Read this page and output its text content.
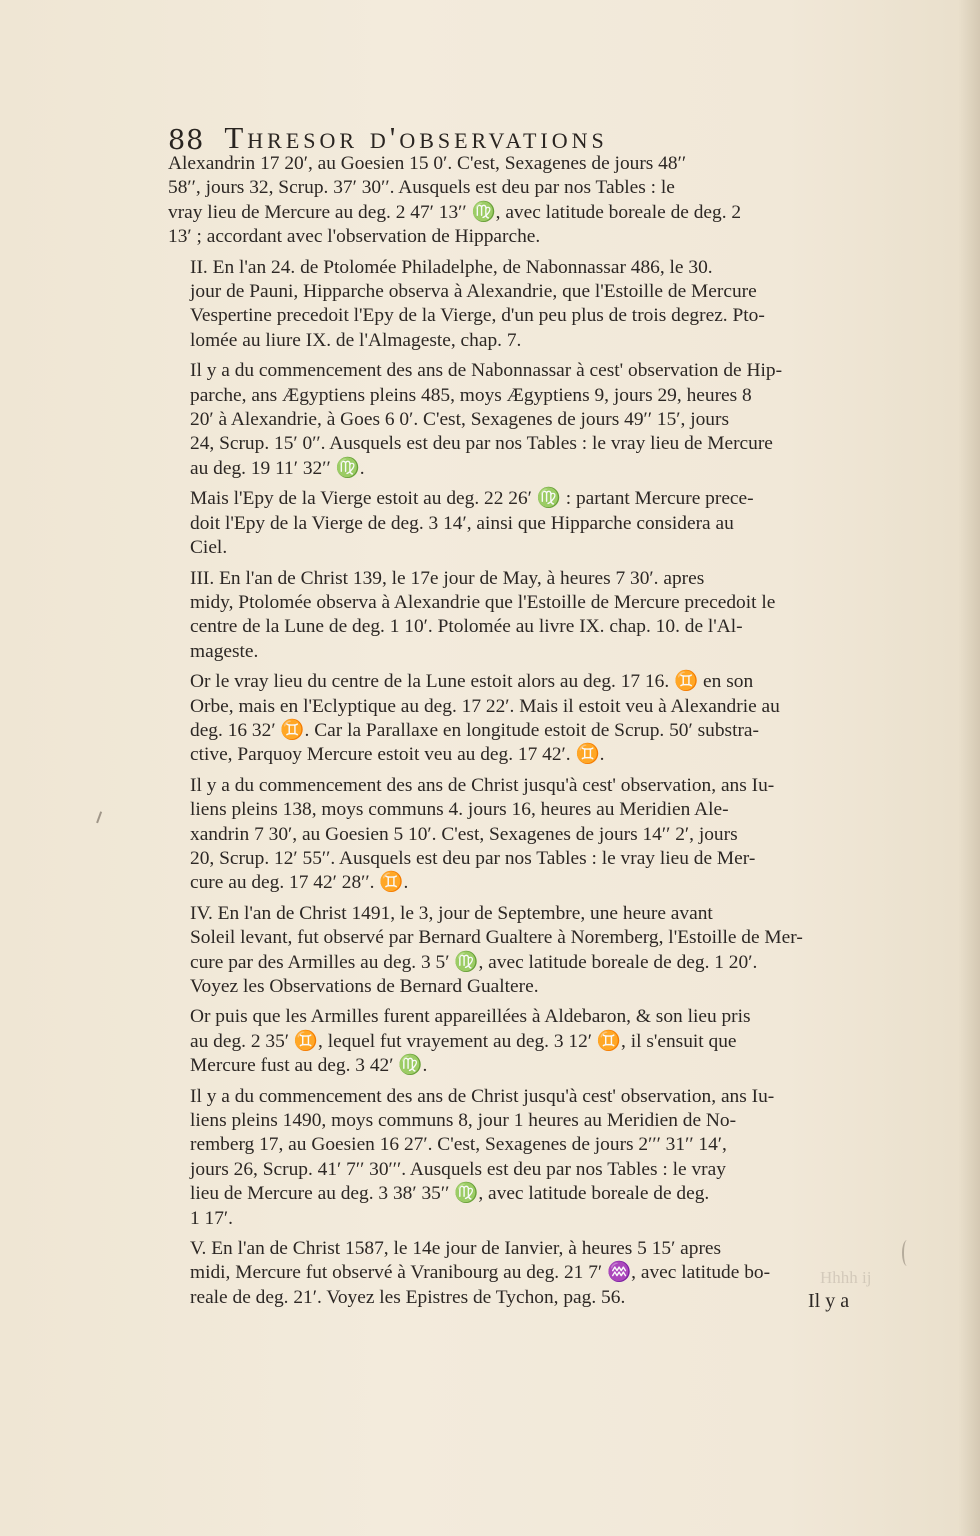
88 Thresor d'observations
Alexandrin 17 20′, au Goesien 15 0′. C'est, Sexagenes de jours 48′′
58′′, jours 32, Scrup. 37′ 30′′. Ausquels est deu par nos Tables : le
vray lieu de Mercure au deg. 2 47′ 13′′ ♍, avec latitude boreale de deg. 2
13′ ; accordant avec l'observation de Hipparche.
II. En l'an 24. de Ptolomée Philadelphe, de Nabonnassar 486, le 30.
jour de Pauni, Hipparche observa à Alexandrie, que l'Estoille de Mercure
Vespertine precedoit l'Epy de la Vierge, d'un peu plus de trois degrez. Pto-
lomée au liure IX. de l'Almageste, chap. 7.
Il y a du commencement des ans de Nabonnassar à cest' observation de Hip-
parche, ans Ægyptiens pleins 485, moys Ægyptiens 9, jours 29, heures 8
20′ à Alexandrie, à Goes 6 0′. C'est, Sexagenes de jours 49′′ 15′, jours
24, Scrup. 15′ 0′′. Ausquels est deu par nos Tables : le vray lieu de Mercure
au deg. 19 11′ 32′′ ♍.
Mais l'Epy de la Vierge estoit au deg. 22 26′ ♍ : partant Mercure prece-
doit l'Epy de la Vierge de deg. 3 14′, ainsi que Hipparche considera au
Ciel.
III. En l'an de Christ 139, le 17e jour de May, à heures 7 30′. apres
midy, Ptolomée observa à Alexandrie que l'Estoille de Mercure precedoit le
centre de la Lune de deg. 1 10′. Ptolomée au livre IX. chap. 10. de l'Al-
mageste.
Or le vray lieu du centre de la Lune estoit alors au deg. 17 16. ♊ en son
Orbe, mais en l'Eclyptique au deg. 17 22′. Mais il estoit veu à Alexandrie au
deg. 16 32′ ♊. Car la Parallaxe en longitude estoit de Scrup. 50′ substra-
ctive, Parquoy Mercure estoit veu au deg. 17 42′. ♊.
Il y a du commencement des ans de Christ jusqu'à cest' observation, ans Iu-
liens pleins 138, moys communs 4. jours 16, heures au Meridien Ale-
xandrin 7 30′, au Goesien 5 10′. C'est, Sexagenes de jours 14′′ 2′, jours
20, Scrup. 12′ 55′′. Ausquels est deu par nos Tables : le vray lieu de Mer-
cure au deg. 17 42′ 28′′. ♊.
IV. En l'an de Christ 1491, le 3, jour de Septembre, une heure avant
Soleil levant, fut observé par Bernard Gualtere à Noremberg, l'Estoille de Mer-
cure par des Armilles au deg. 3 5′ ♍, avec latitude boreale de deg. 1 20′.
Voyez les Observations de Bernard Gualtere.
Or puis que les Armilles furent appareillées à Aldebaron, & son lieu pris
au deg. 2 35′ ♊, lequel fut vrayement au deg. 3 12′ ♊, il s'ensuit que
Mercure fust au deg. 3 42′ ♍.
Il y a du commencement des ans de Christ jusqu'à cest' observation, ans Iu-
liens pleins 1490, moys communs 8, jour 1 heures au Meridien de No-
remberg 17, au Goesien 16 27′. C'est, Sexagenes de jours 2′′′ 31′′ 14′,
jours 26, Scrup. 41′ 7′′ 30′′′. Ausquels est deu par nos Tables : le vray
lieu de Mercure au deg. 3 38′ 35′′ ♍, avec latitude boreale de deg.
1 17′.
V. En l'an de Christ 1587, le 14e jour de Ianvier, à heures 5 15′ apres
midi, Mercure fut observé à Vranibourg au deg. 21 7′ ♒, avec latitude bo-
reale de deg. 21′. Voyez les Epistres de Tychon, pag. 56.	Il y a
Hhhh ij
